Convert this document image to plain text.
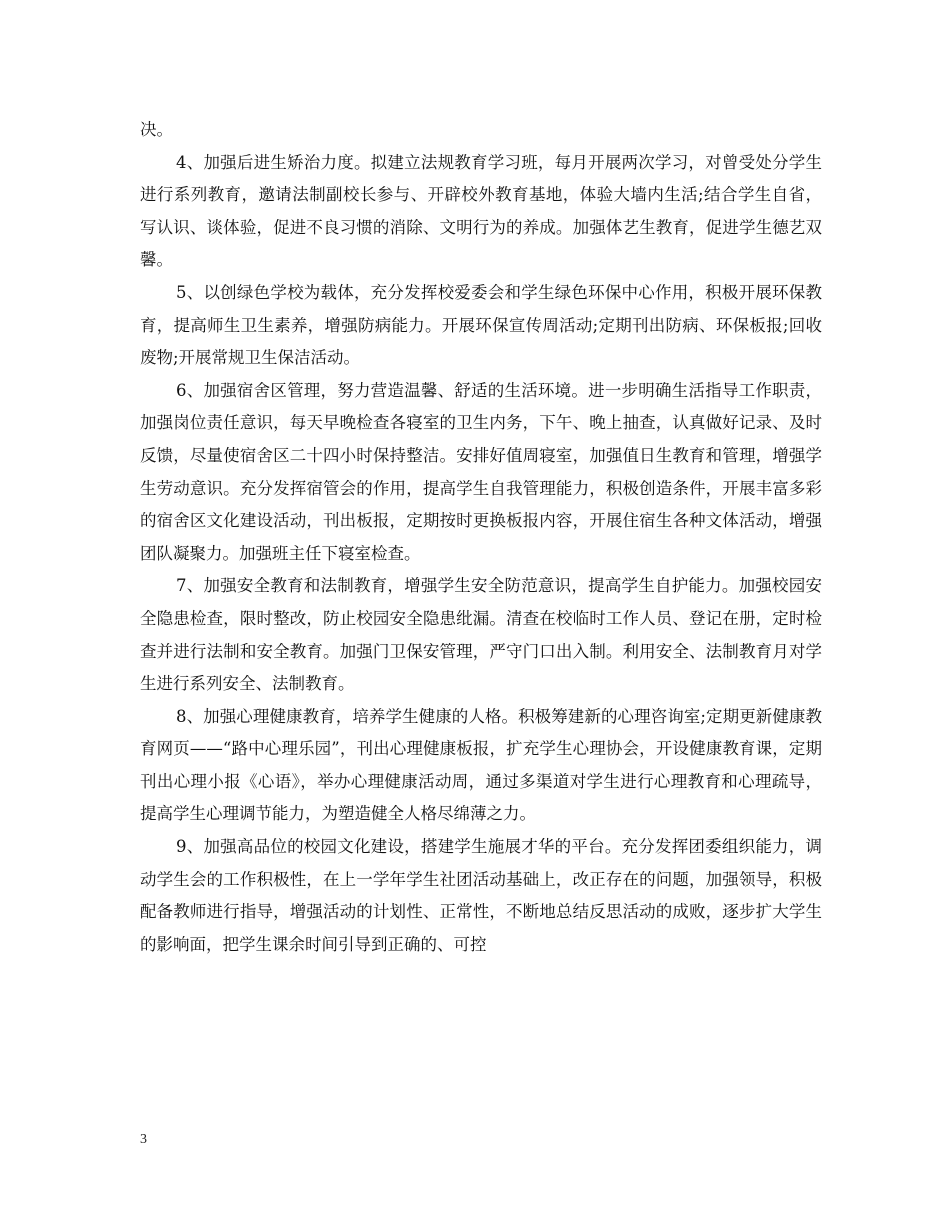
决。

4、加强后进生矫治力度。拟建立法规教育学习班，每月开展两次学习，对曾受处分学生进行系列教育，邀请法制副校长参与、开辟校外教育基地，体验大墙内生活;结合学生自省，写认识、谈体验，促进不良习惯的消除、文明行为的养成。加强体艺生教育，促进学生德艺双馨。

5、以创绿色学校为载体，充分发挥校爱委会和学生绿色环保中心作用，积极开展环保教育，提高师生卫生素养，增强防病能力。开展环保宣传周活动;定期刊出防病、环保板报;回收废物;开展常规卫生保洁活动。

6、加强宿舍区管理，努力营造温馨、舒适的生活环境。进一步明确生活指导工作职责，加强岗位责任意识，每天早晚检查各寝室的卫生内务，下午、晚上抽查，认真做好记录、及时反馈，尽量使宿舍区二十四小时保持整洁。安排好值周寝室，加强值日生教育和管理，增强学生劳动意识。充分发挥宿管会的作用，提高学生自我管理能力，积极创造条件，开展丰富多彩的宿舍区文化建设活动，刊出板报，定期按时更换板报内容，开展住宿生各种文体活动，增强团队凝聚力。加强班主任下寝室检查。

7、加强安全教育和法制教育，增强学生安全防范意识，提高学生自护能力。加强校园安全隐患检查，限时整改，防止校园安全隐患纰漏。清查在校临时工作人员、登记在册，定时检查并进行法制和安全教育。加强门卫保安管理，严守门口出入制。利用安全、法制教育月对学生进行系列安全、法制教育。

8、加强心理健康教育，培养学生健康的人格。积极筹建新的心理咨询室;定期更新健康教育网页——“路中心理乐园”，刊出心理健康板报，扩充学生心理协会，开设健康教育课，定期刊出心理小报《心语》，举办心理健康活动周，通过多渠道对学生进行心理教育和心理疏导，提高学生心理调节能力，为塑造健全人格尽绵薄之力。

9、加强高品位的校园文化建设，搭建学生施展才华的平台。充分发挥团委组织能力，调动学生会的工作积极性，在上一学年学生社团活动基础上，改正存在的问题，加强领导，积极配备教师进行指导，增强活动的计划性、正常性，不断地总结反思活动的成败，逐步扩大学生的影响面，把学生课余时间引导到正确的、可控

3
